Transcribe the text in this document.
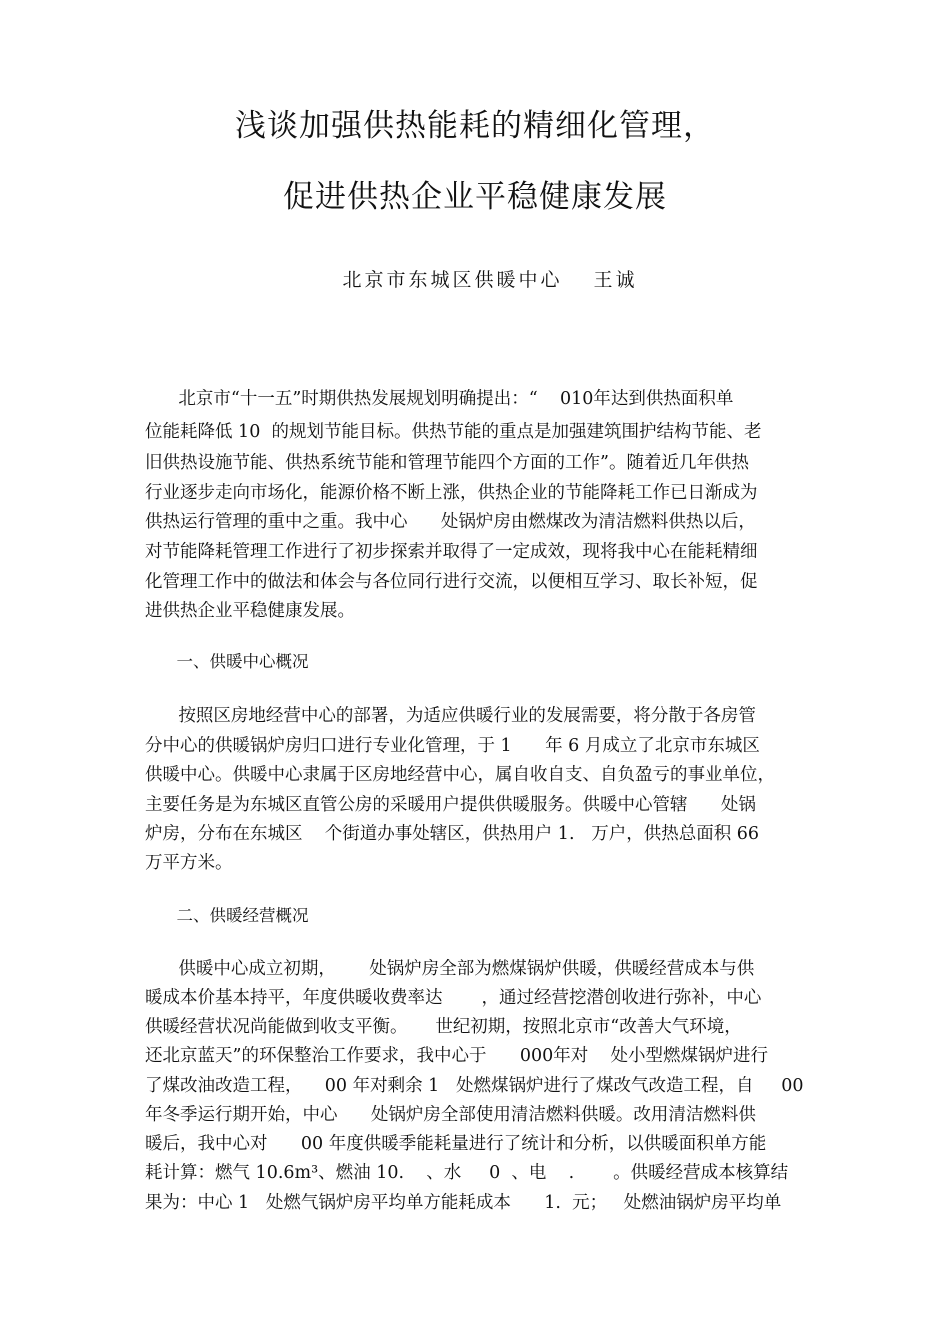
浅谈加强供热能耗的精细化管理，
促进供热企业平稳健康发展
北京市东城区供暖中心　 王诚
北京市“十一五”时期供热发展规划明确提出：“    010年达到供热面积单
位能耗降低 10  的规划节能目标。供热节能的重点是加强建筑围护结构节能、老
旧供热设施节能、供热系统节能和管理节能四个方面的工作”。随着近几年供热
行业逐步走向市场化，能源价格不断上涨，供热企业的节能降耗工作已日渐成为
供热运行管理的重中之重。我中心      处锅炉房由燃煤改为清洁燃料供热以后，
对节能降耗管理工作进行了初步探索并取得了一定成效，现将我中心在能耗精细
化管理工作中的做法和体会与各位同行进行交流，以便相互学习、取长补短，促
进供热企业平稳健康发展。
一、供暖中心概况
按照区房地经营中心的部署，为适应供暖行业的发展需要，将分散于各房管
分中心的供暖锅炉房归口进行专业化管理，于 1      年 6 月成立了北京市东城区
供暖中心。供暖中心隶属于区房地经营中心，属自收自支、自负盈亏的事业单位，
主要任务是为东城区直管公房的采暖用户提供供暖服务。供暖中心管辖      处锅
炉房，分布在东城区    个街道办事处辖区，供热用户 1.   万户，供热总面积 66
万平方米。
二、供暖经营概况
供暖中心成立初期，      处锅炉房全部为燃煤锅炉供暖，供暖经营成本与供
暖成本价基本持平，年度供暖收费率达       ，通过经营挖潜创收进行弥补，中心
供暖经营状况尚能做到收支平衡。     世纪初期，按照北京市“改善大气环境，
还北京蓝天”的环保整治工作要求，我中心于      000年对    处小型燃煤锅炉进行
了煤改油改造工程，    00 年对剩余 1   处燃煤锅炉进行了煤改气改造工程，自     00
年冬季运行期开始，中心      处锅炉房全部使用清洁燃料供暖。改用清洁燃料供
暖后，我中心对      00 年度供暖季能耗量进行了统计和分析，以供暖面积单方能
耗计算：燃气 10.6m³、燃油 10.    、水     0  、电    .       。供暖经营成本核算结
果为：中心 1   处燃气锅炉房平均单方能耗成本      1.  元；   处燃油锅炉房平均单
